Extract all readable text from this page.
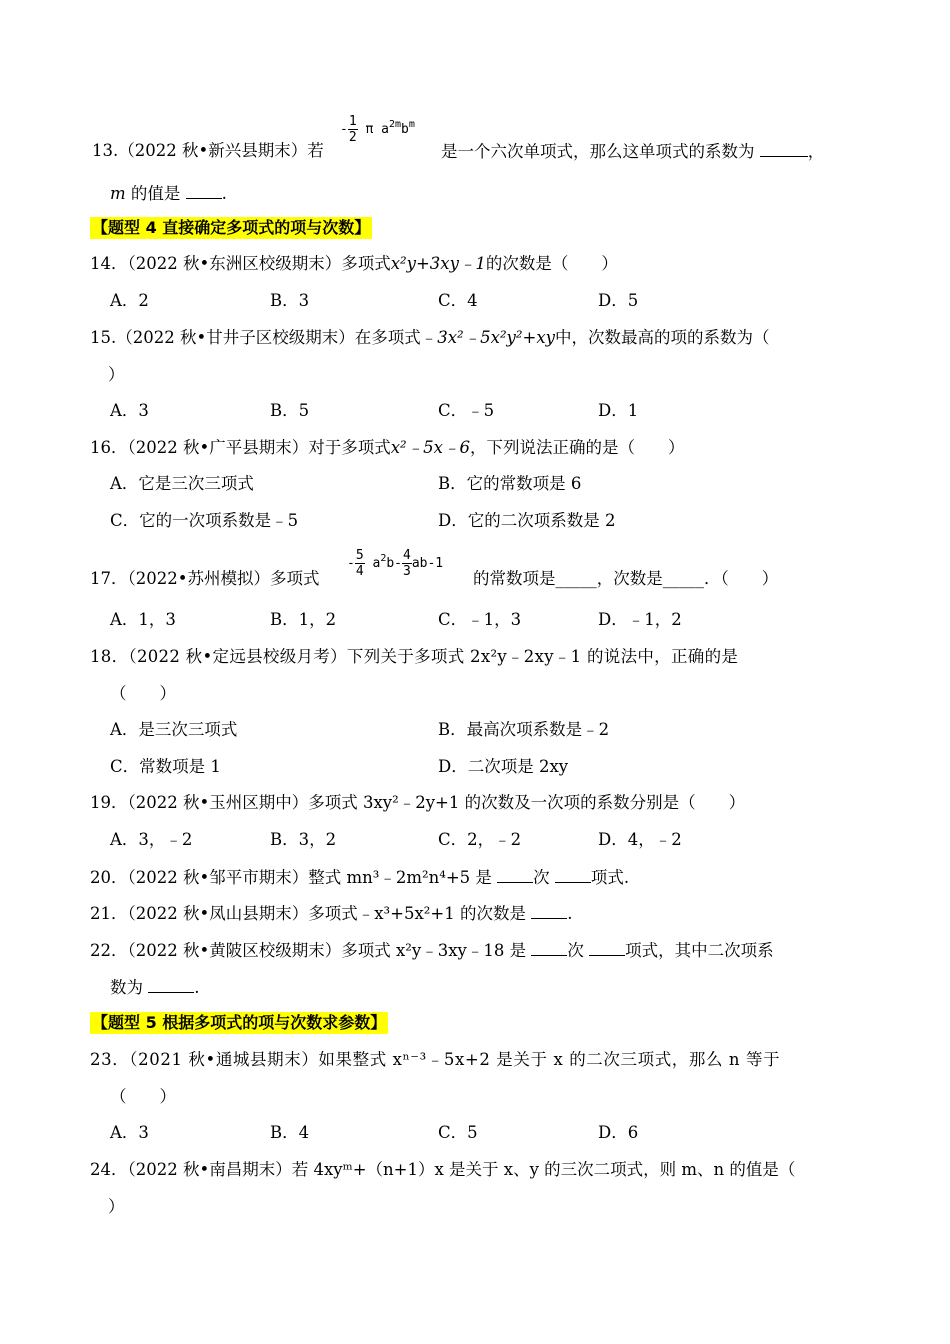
- $\frac{1}{2}$ π $a^{2m}b^m$
13.（2022 秋•新兴县期末）若	是一个六次单项式，那么这单项式的系数为	，
m 的值是	.
【题型 4 直接确定多项式的项与次数】
14．（2022 秋•东洲区校级期末）多项式x²y+3xy﹣1的次数是（　　）
A．2	B．3	C．4	D．5
15.（2022 秋•甘井子区校级期末）在多项式﹣3x²﹣5x²y²+xy中，次数最高的项的系数为（
）
A．3	B．5	C．﹣5	D．1
16．（2022 秋•广平县期末）对于多项式x²﹣5x﹣6，下列说法正确的是（　　）
A．它是三次三项式	B．它的常数项是 6
C．它的一次项系数是﹣5	D．它的二次项系数是 2
- $\frac{5}{4} a^2b- \frac{4}{3} ab-1$
17．（2022•苏州模拟）多项式	的常数项是_____，次数是_____．（　　）
A．1，3	B．1，2	C．﹣1，3	D．﹣1，2
18．（2022 秋•定远县校级月考）下列关于多项式 2x²y﹣2xy﹣1 的说法中，正确的是
（　　）
A．是三次三项式	B．最高次项系数是﹣2
C．常数项是 1	D．二次项是 2xy
19．（2022 秋•玉州区期中）多项式 3xy²﹣2y+1 的次数及一次项的系数分别是（　　）
A．3，﹣2	B．3，2	C．2，﹣2	D．4，﹣2
20．（2022 秋•邹平市期末）整式 mn³﹣2m²n⁴+5 是	次	项式.
21．（2022 秋•凤山县期末）多项式﹣x³+5x²+1 的次数是	.
22．（2022 秋•黄陂区校级期末）多项式 x²y﹣3xy﹣18 是	次	项式，其中二次项系
数为	.
【题型 5 根据多项式的项与次数求参数】
23．（2021 秋•通城县期末）如果整式 xⁿ⁻³﹣5x+2 是关于 x 的二次三项式，那么 n 等于
（　　）
A．3	B．4	C．5	D．6
24．（2022 秋•南昌期末）若 4xyᵐ+（n+1）x 是关于 x、y 的三次二项式，则 m、n 的值是（
）
